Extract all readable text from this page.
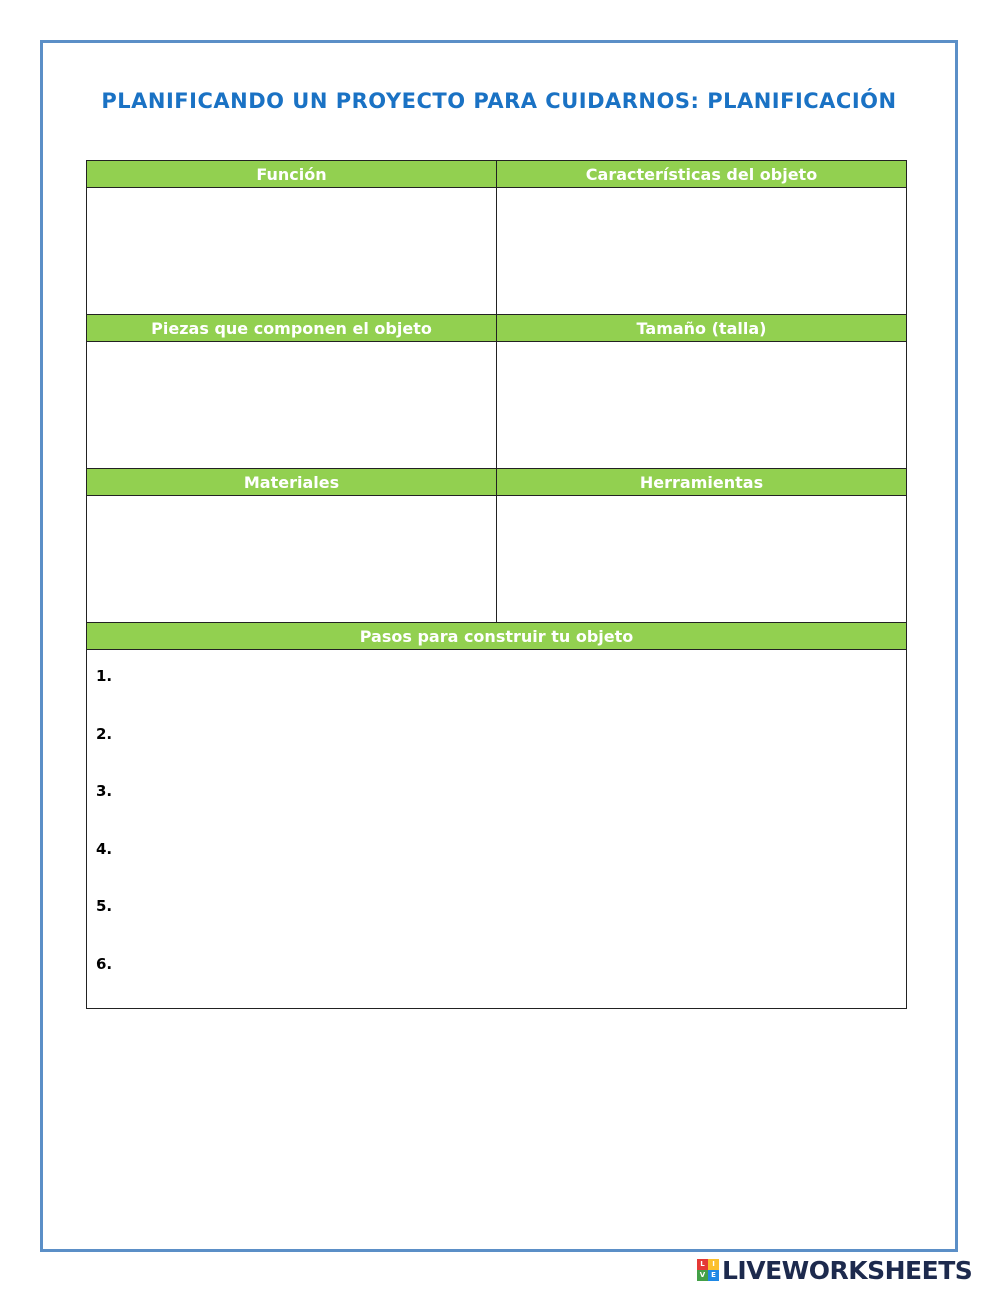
PLANIFICANDO UN PROYECTO PARA CUIDARNOS: PLANIFICACIÓN
Función	Características del objeto
Piezas que componen el objeto	Tamaño (talla)
Materiales	Herramientas
Pasos para construir tu objeto
1.
2.
3.
4.
5.
6.
L	I
V E LIVEWORKSHEETS
